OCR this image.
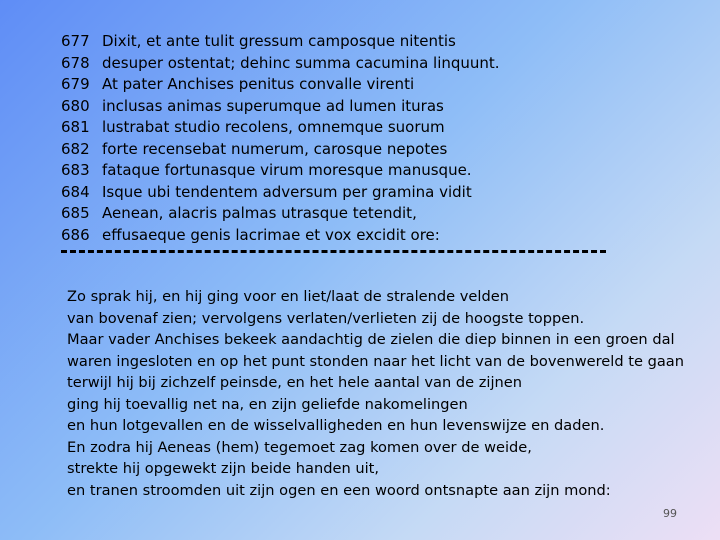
677 Dixit, et ante tulit gressum camposque nitentis
678 desuper ostentat; dehinc summa cacumina linquunt.
679 At pater Anchises penitus convalle virenti
680 inclusas animas superumque ad lumen ituras
681 lustrabat studio recolens, omnemque suorum
682 forte recensebat numerum, carosque nepotes
683 fataque fortunasque virum moresque manusque.
684 Isque ubi tendentem adversum per gramina vidit
685 Aenean, alacris palmas utrasque tetendit,
686 effusaeque genis lacrimae et vox excidit ore:
Zo sprak hij, en hij ging voor en liet/laat de stralende velden
van bovenaf zien; vervolgens verlaten/verlieten zij de hoogste toppen.
Maar vader Anchises bekeek aandachtig de zielen die diep binnen in een groen dal
waren ingesloten en op het punt stonden naar het licht van de bovenwereld te gaan
terwijl hij bij zichzelf peinsde, en het hele aantal van de zijnen
ging hij toevallig net na, en zijn geliefde nakomelingen
en hun lotgevallen en de wisselvalligheden en hun levenswijze en daden.
En zodra hij Aeneas (hem) tegemoet zag komen over de weide,
strekte hij opgewekt zijn beide handen uit,
en tranen stroomden uit zijn ogen en een woord ontsnapte aan zijn mond:
99
